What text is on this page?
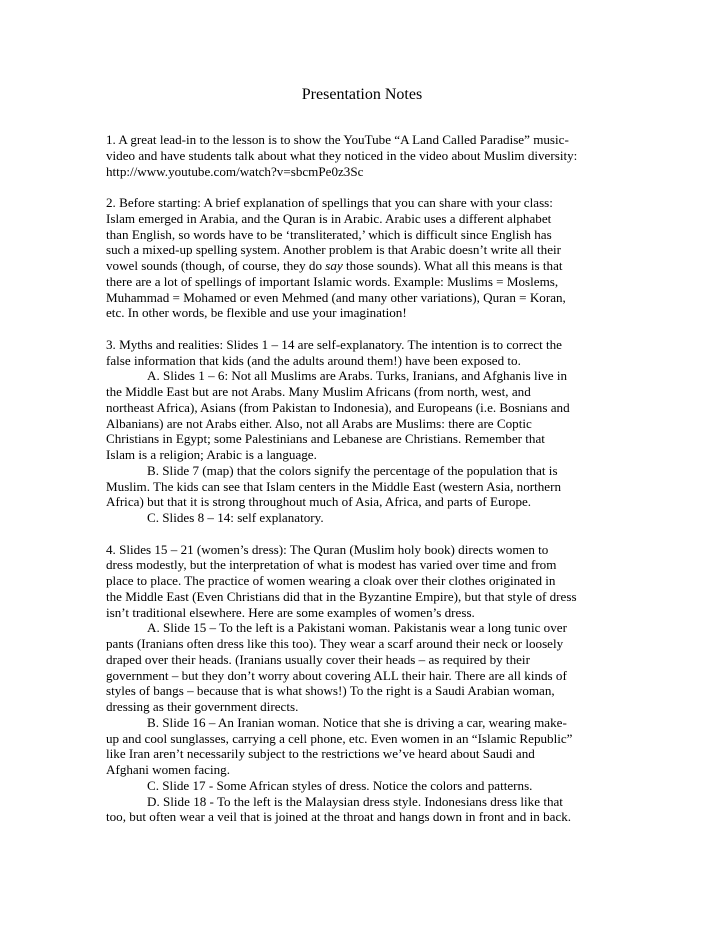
Presentation Notes
1. A great lead-in to the lesson is to show the YouTube “A Land Called Paradise” music-
video and have students talk about what they noticed in the video about Muslim diversity:
http://www.youtube.com/watch?v=sbcmPe0z3Sc
2. Before starting: A brief explanation of spellings that you can share with your class:
Islam emerged in Arabia, and the Quran is in Arabic. Arabic uses a different alphabet
than English, so words have to be ‘transliterated,’ which is difficult since English has
such a mixed-up spelling system. Another problem is that Arabic doesn’t write all their
vowel sounds (though, of course, they do say those sounds). What all this means is that
there are a lot of spellings of important Islamic words. Example: Muslims = Moslems,
Muhammad = Mohamed or even Mehmed (and many other variations), Quran = Koran,
etc. In other words, be flexible and use your imagination!
3. Myths and realities: Slides 1 – 14 are self-explanatory. The intention is to correct the
false information that kids (and the adults around them!) have been exposed to.
A. Slides 1 – 6: Not all Muslims are Arabs. Turks, Iranians, and Afghanis live in
the Middle East but are not Arabs. Many Muslim Africans (from north, west, and
northeast Africa), Asians (from Pakistan to Indonesia), and Europeans (i.e. Bosnians and
Albanians) are not Arabs either. Also, not all Arabs are Muslims: there are Coptic
Christians in Egypt; some Palestinians and Lebanese are Christians. Remember that
Islam is a religion; Arabic is a language.
B. Slide 7 (map) that the colors signify the percentage of the population that is
Muslim. The kids can see that Islam centers in the Middle East (western Asia, northern
Africa) but that it is strong throughout much of Asia, Africa, and parts of Europe.
C. Slides 8 – 14: self explanatory.
4. Slides 15 – 21 (women’s dress): The Quran (Muslim holy book) directs women to
dress modestly, but the interpretation of what is modest has varied over time and from
place to place. The practice of women wearing a cloak over their clothes originated in
the Middle East (Even Christians did that in the Byzantine Empire), but that style of dress
isn’t traditional elsewhere. Here are some examples of women’s dress.
A. Slide 15 – To the left is a Pakistani woman. Pakistanis wear a long tunic over
pants (Iranians often dress like this too). They wear a scarf around their neck or loosely
draped over their heads. (Iranians usually cover their heads – as required by their
government – but they don’t worry about covering ALL their hair. There are all kinds of
styles of bangs – because that is what shows!) To the right is a Saudi Arabian woman,
dressing as their government directs.
B. Slide 16 – An Iranian woman. Notice that she is driving a car, wearing make-
up and cool sunglasses, carrying a cell phone, etc. Even women in an “Islamic Republic”
like Iran aren’t necessarily subject to the restrictions we’ve heard about Saudi and
Afghani women facing.
C. Slide 17 - Some African styles of dress. Notice the colors and patterns.
D. Slide 18 - To the left is the Malaysian dress style. Indonesians dress like that
too, but often wear a veil that is joined at the throat and hangs down in front and in back.
